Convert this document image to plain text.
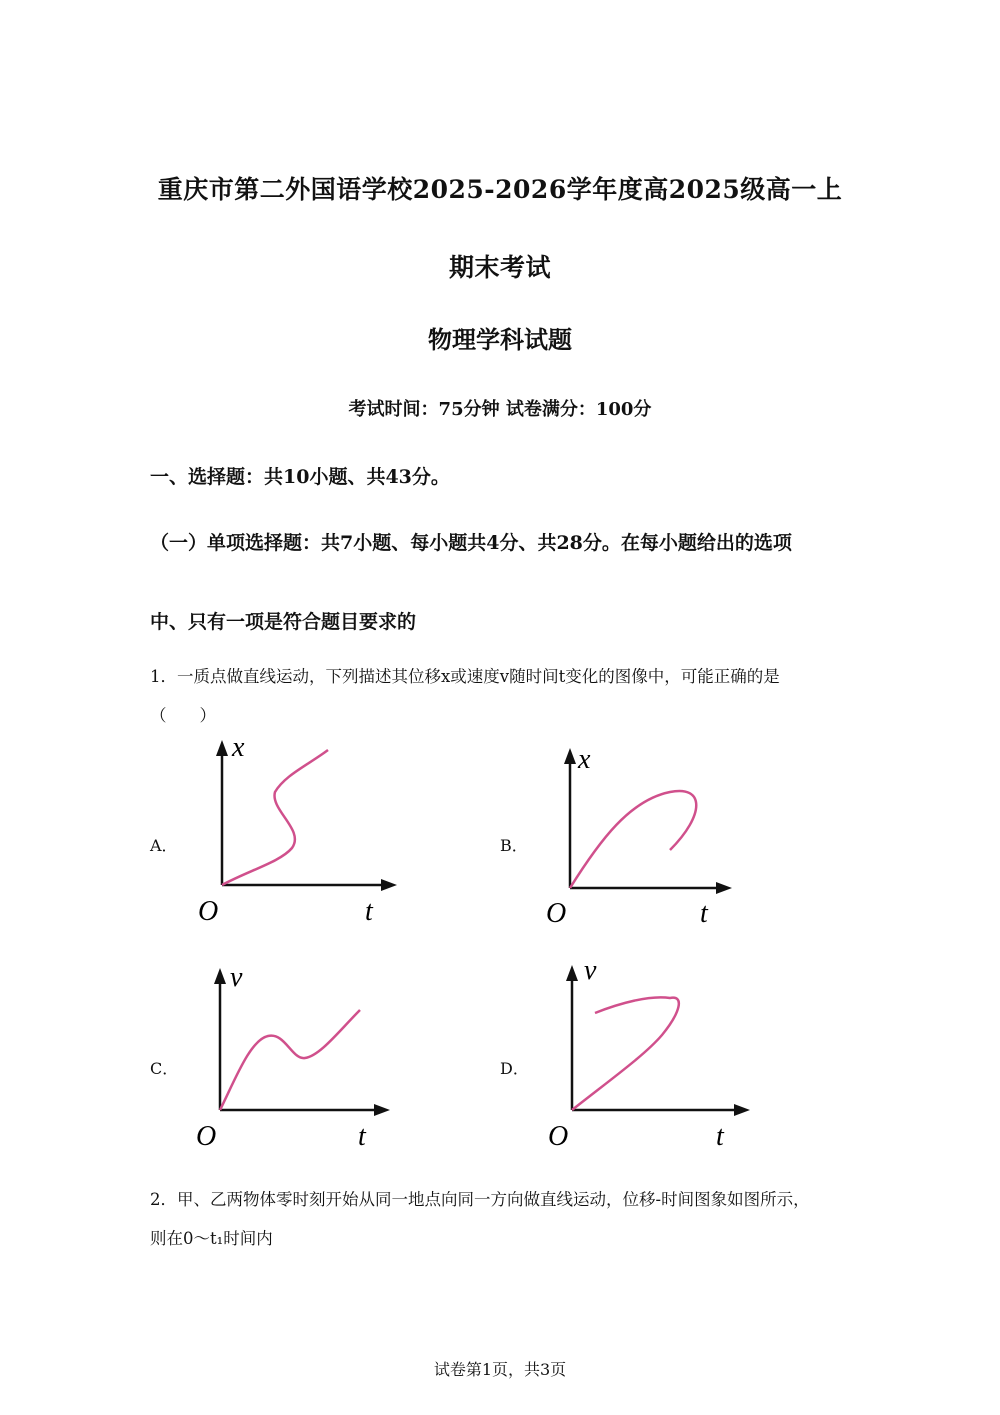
重庆市第二外国语学校2025-2026学年度高2025级高一上
期末考试
物理学科试题
考试时间：75分钟 试卷满分：100分
一、选择题：共10小题、共43分。
（一）单项选择题：共7小题、每小题共4分、共28分。在每小题给出的选项
中、只有一项是符合题目要求的
1．一质点做直线运动，下列描述其位移x或速度v随时间t变化的图像中，可能正确的是
（　　）
A．
x
O	t
B．
x
O	t
C．
v
O	t
D．
v
O	t
2．甲、乙两物体零时刻开始从同一地点向同一方向做直线运动，位移-时间图象如图所示，
则在0～t₁时间内
试卷第1页，共3页
